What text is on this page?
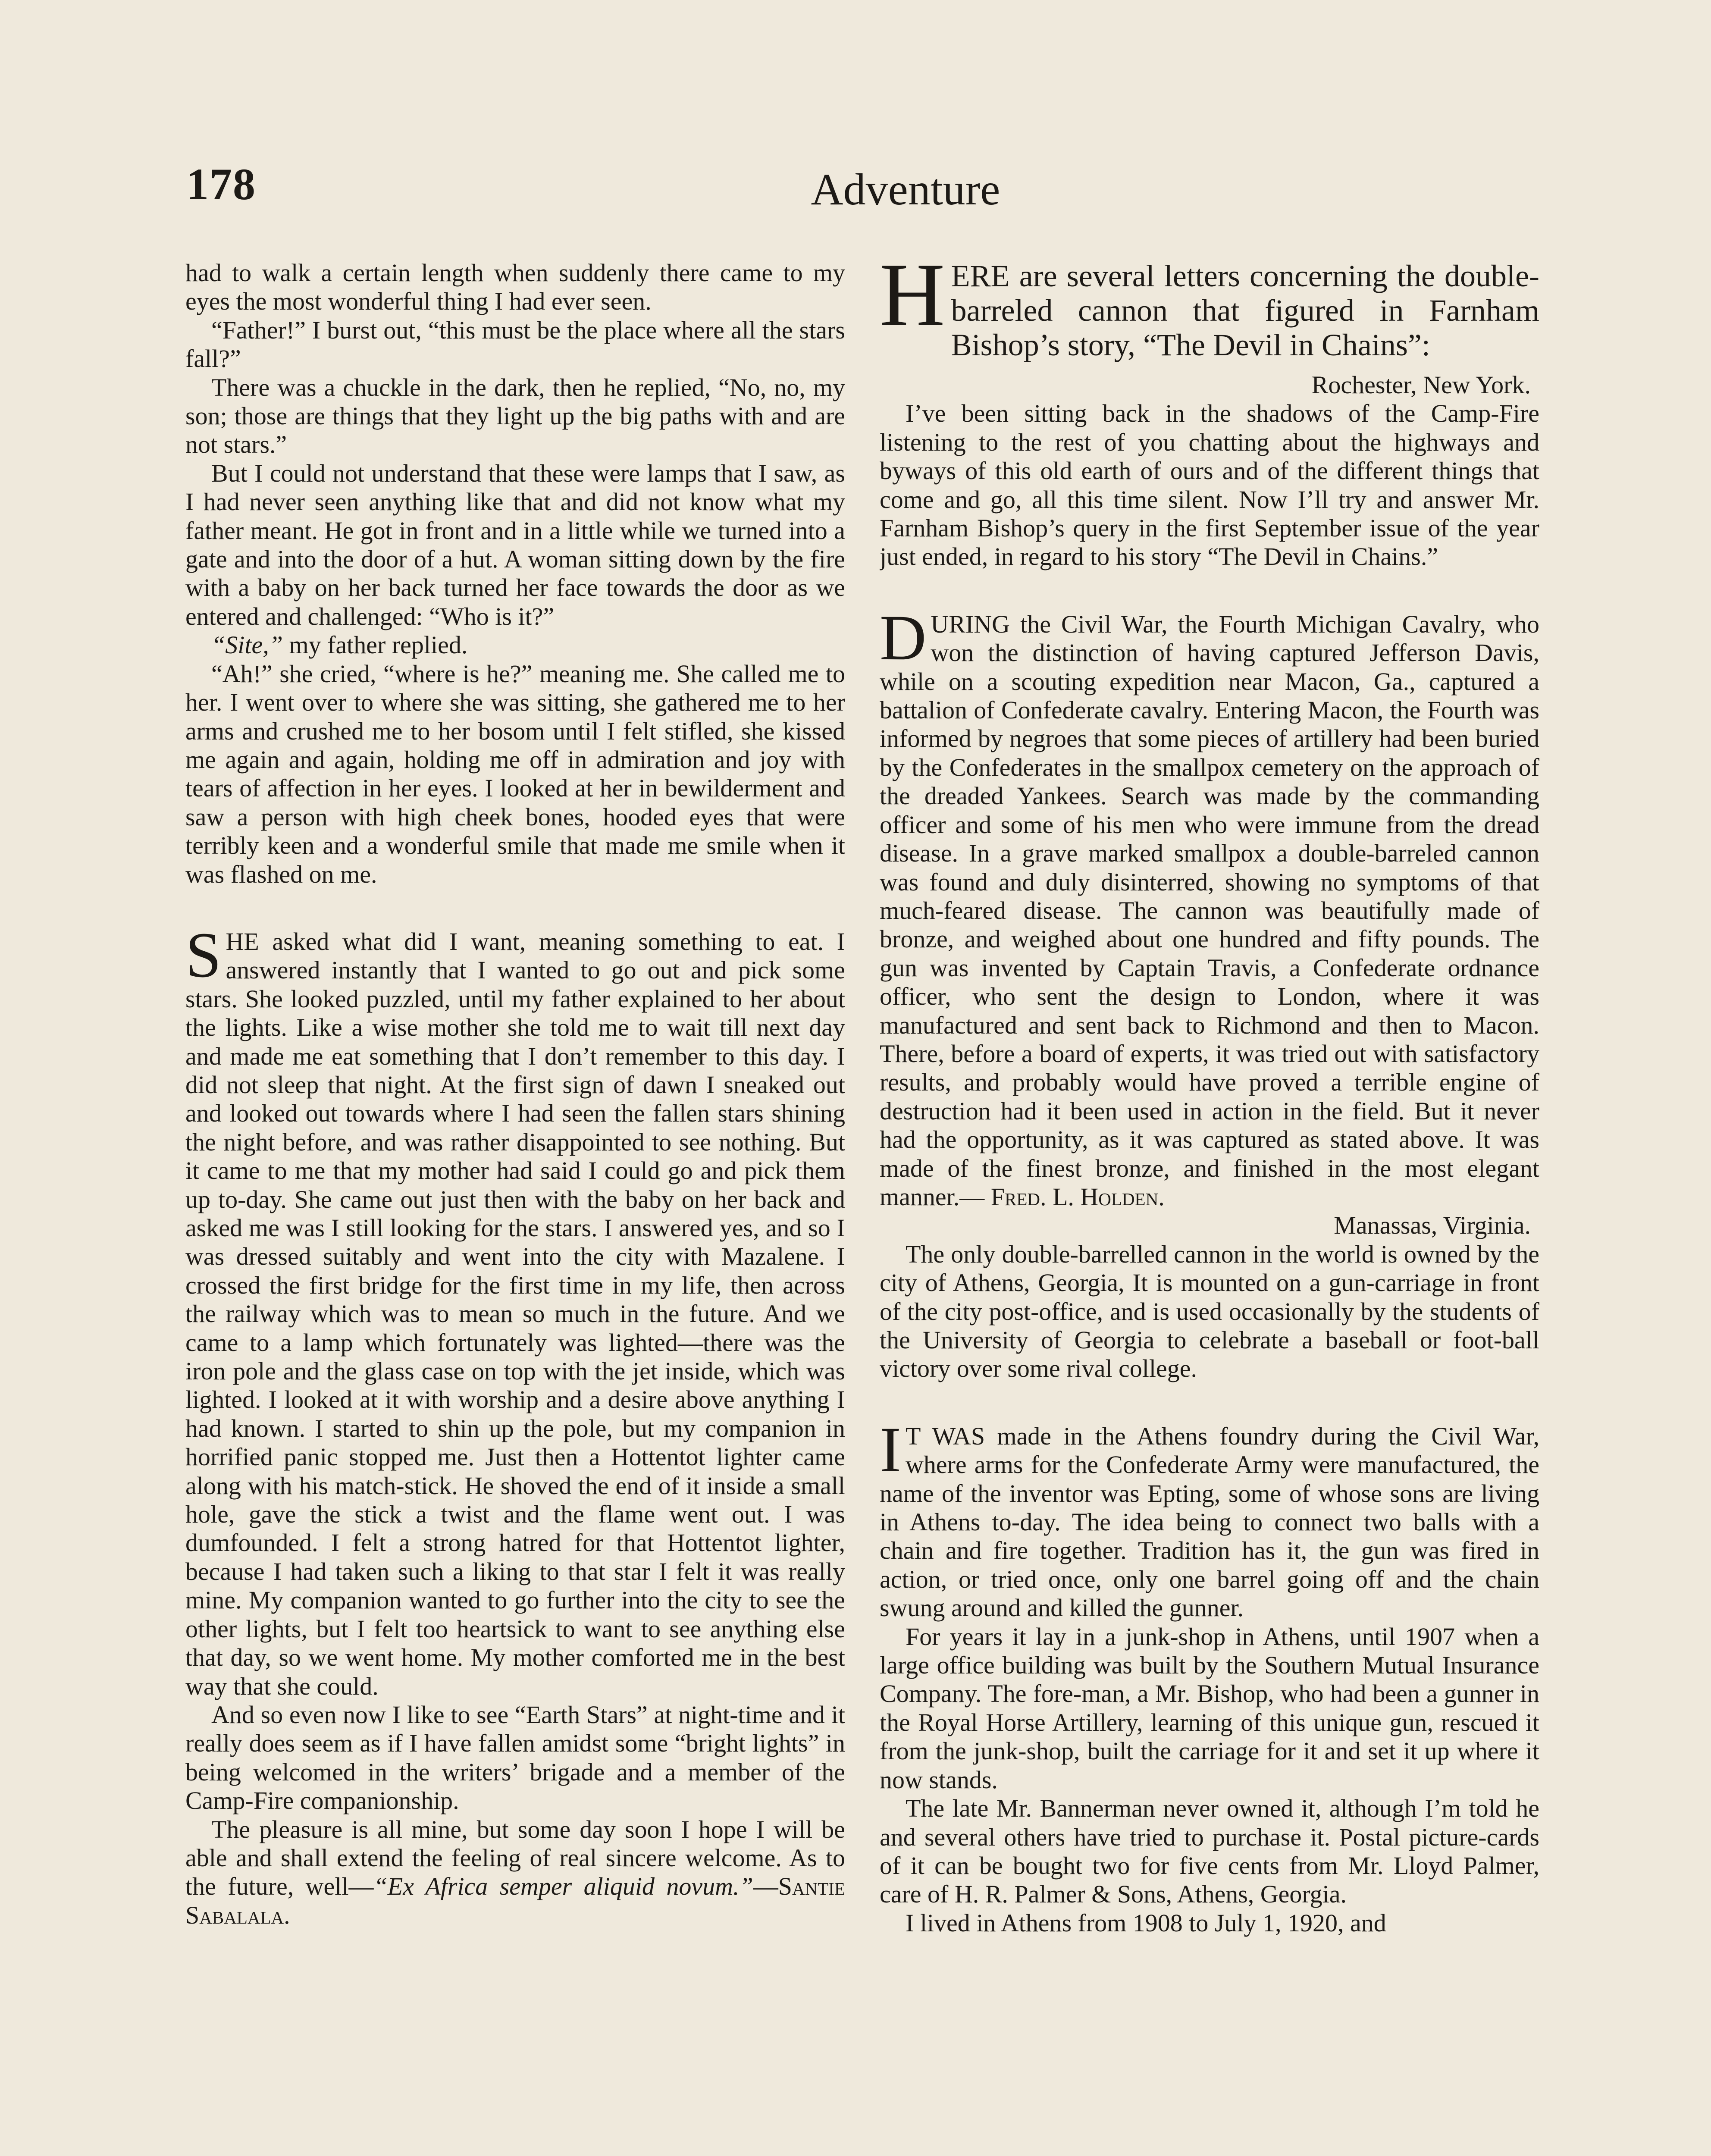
178	Adventure

had to walk a certain length when suddenly there came to my eyes the most wonderful thing I had ever seen.

“Father!” I burst out, “this must be the place where all the stars fall?”

There was a chuckle in the dark, then he replied, “No, no, my son; those are things that they light up the big paths with and are not stars.”

But I could not understand that these were lamps that I saw, as I had never seen anything like that and did not know what my father meant. He got in front and in a little while we turned into a gate and into the door of a hut. A woman sitting down by the fire with a baby on her back turned her face towards the door as we entered and challenged: “Who is it?”

“Site,” my father replied.

“Ah!” she cried, “where is he?” meaning me. She called me to her. I went over to where she was sitting, she gathered me to her arms and crushed me to her bosom until I felt stifled, she kissed me again and again, holding me off in admiration and joy with tears of affection in her eyes. I looked at her in bewilderment and saw a person with high cheek bones, hooded eyes that were terribly keen and a wonderful smile that made me smile when it was flashed on me.

SHE asked what did I want, meaning something to eat. I answered instantly that I wanted to go out and pick some stars. She looked puzzled, until my father explained to her about the lights. Like a wise mother she told me to wait till next day and made me eat something that I don’t remember to this day. I did not sleep that night. At the first sign of dawn I sneaked out and looked out towards where I had seen the fallen stars shining the night before, and was rather disappointed to see nothing. But it came to me that my mother had said I could go and pick them up to-day. She came out just then with the baby on her back and asked me was I still looking for the stars. I answered yes, and so I was dressed suitably and went into the city with Mazalene. I crossed the first bridge for the first time in my life, then across the railway which was to mean so much in the future. And we came to a lamp which fortunately was lighted—there was the iron pole and the glass case on top with the jet inside, which was lighted. I looked at it with worship and a desire above anything I had known. I started to shin up the pole, but my companion in horrified panic stopped me. Just then a Hottentot lighter came along with his match-stick. He shoved the end of it inside a small hole, gave the stick a twist and the flame went out. I was dumfounded. I felt a strong hatred for that Hottentot lighter, because I had taken such a liking to that star I felt it was really mine. My companion wanted to go further into the city to see the other lights, but I felt too heartsick to want to see anything else that day, so we went home. My mother comforted me in the best way that she could.

And so even now I like to see “Earth Stars” at night-time and it really does seem as if I have fallen amidst some “bright lights” in being welcomed in the writers’ brigade and a member of the Camp-Fire companionship.

The pleasure is all mine, but some day soon I hope I will be able and shall extend the feeling of real sincere welcome. As to the future, well—“Ex Africa semper aliquid novum.”—Santie Sabalala.

HERE are several letters concerning the double-barreled cannon that figured in Farnham Bishop’s story, “The Devil in Chains”:

Rochester, New York.

I’ve been sitting back in the shadows of the Camp-Fire listening to the rest of you chatting about the highways and byways of this old earth of ours and of the different things that come and go, all this time silent. Now I’ll try and answer Mr. Farnham Bishop’s query in the first September issue of the year just ended, in regard to his story “The Devil in Chains.”

DURING the Civil War, the Fourth Michigan Cavalry, who won the distinction of having captured Jefferson Davis, while on a scouting expedition near Macon, Ga., captured a battalion of Confederate cavalry. Entering Macon, the Fourth was informed by negroes that some pieces of artillery had been buried by the Confederates in the smallpox cemetery on the approach of the dreaded Yankees. Search was made by the commanding officer and some of his men who were immune from the dread disease. In a grave marked smallpox a double-barreled cannon was found and duly disinterred, showing no symptoms of that much-feared disease. The cannon was beautifully made of bronze, and weighed about one hundred and fifty pounds. The gun was invented by Captain Travis, a Confederate ordnance officer, who sent the design to London, where it was manufactured and sent back to Richmond and then to Macon. There, before a board of experts, it was tried out with satisfactory results, and probably would have proved a terrible engine of destruction had it been used in action in the field. But it never had the opportunity, as it was captured as stated above. It was made of the finest bronze, and finished in the most elegant manner.— Fred. L. Holden.

Manassas, Virginia.

The only double-barrelled cannon in the world is owned by the city of Athens, Georgia, It is mounted on a gun-carriage in front of the city post-office, and is used occasionally by the students of the University of Georgia to celebrate a baseball or foot-ball victory over some rival college.

I T WAS made in the Athens foundry during the Civil War, where arms for the Confederate Army were manufactured, the name of the inventor was Epting, some of whose sons are living in Athens to-day. The idea being to connect two balls with a chain and fire together. Tradition has it, the gun was fired in action, or tried once, only one barrel going off and the chain swung around and killed the gunner.

For years it lay in a junk-shop in Athens, until 1907 when a large office building was built by the Southern Mutual Insurance Company. The fore-man, a Mr. Bishop, who had been a gunner in the Royal Horse Artillery, learning of this unique gun, rescued it from the junk-shop, built the carriage for it and set it up where it now stands.

The late Mr. Bannerman never owned it, although I’m told he and several others have tried to purchase it. Postal picture-cards of it can be bought two for five cents from Mr. Lloyd Palmer, care of H. R. Palmer & Sons, Athens, Georgia.

I lived in Athens from 1908 to July 1, 1920, and
